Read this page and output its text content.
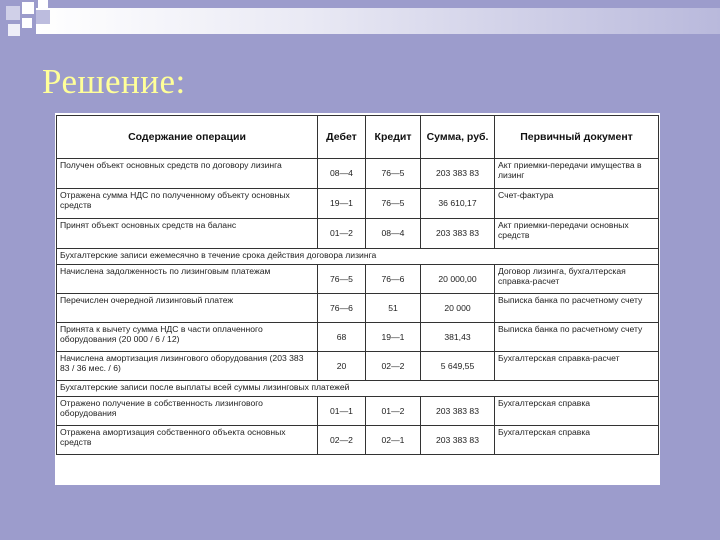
Решение:
Содержание операции	Дебет	Кредит	Сумма, руб.	Первичный документ
Получен объект основных средств по договору лизинга	08—4	76—5	203 383 83	Акт приемки-передачи имущества в лизинг
Отражена сумма НДС по полученному объекту основных средств	19—1	76—5	36 610,17	Счет-фактура
Принят объект основных средств на баланс	01—2	08—4	203 383 83	Акт приемки-передачи основных средств
Бухгалтерские записи ежемесячно в течение срока действия договора лизинга				
Начислена задолженность по лизинговым платежам	76—5	76—6	20 000,00	Договор лизинга, бухгалтерская справка-расчет
Перечислен очередной лизинговый платеж	76—6	51	20 000	Выписка банка по расчетному счету
Принята к вычету сумма НДС в части оплаченного оборудования (20 000 / 6 / 12)	68	19—1	381,43	Выписка банка по расчетному счету
Начислена амортизация лизингового оборудования (203 383 83 / 36 мес. / 6)	20	02—2	5 649,55	Бухгалтерская справка-расчет
Бухгалтерские записи после выплаты всей суммы лизинговых платежей				
Отражено получение в собственность лизингового оборудования	01—1	01—2	203 383 83	Бухгалтерская справка
Отражена амортизация собственного объекта основных средств	02—2	02—1	203 383 83	Бухгалтерская справка
